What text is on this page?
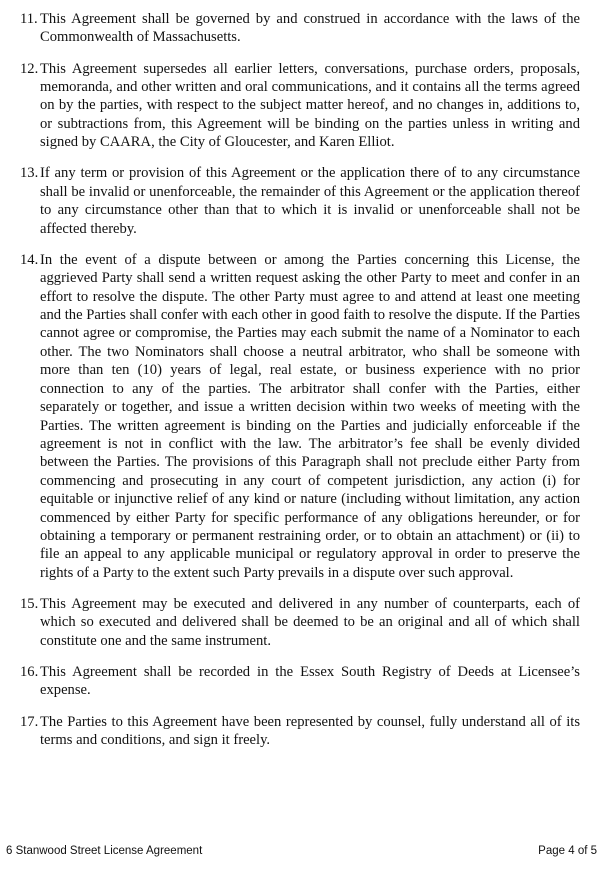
11. This Agreement shall be governed by and construed in accordance with the laws of the Commonwealth of Massachusetts.

12. This Agreement supersedes all earlier letters, conversations, purchase orders, proposals, memoranda, and other written and oral communications, and it contains all the terms agreed on by the parties, with respect to the subject matter hereof, and no changes in, additions to, or subtractions from, this Agreement will be binding on the parties unless in writing and signed by CAARA, the City of Gloucester, and Karen Elliot.

13. If any term or provision of this Agreement or the application there of to any circumstance shall be invalid or unenforceable, the remainder of this Agreement or the application thereof to any circumstance other than that to which it is invalid or unenforceable shall not be affected thereby.

14. In the event of a dispute between or among the Parties concerning this License, the aggrieved Party shall send a written request asking the other Party to meet and confer in an effort to resolve the dispute. The other Party must agree to and attend at least one meeting and the Parties shall confer with each other in good faith to resolve the dispute. If the Parties cannot agree or compromise, the Parties may each submit the name of a Nominator to each other. The two Nominators shall choose a neutral arbitrator, who shall be someone with more than ten (10) years of legal, real estate, or business experience with no prior connection to any of the parties. The arbitrator shall confer with the Parties, either separately or together, and issue a written decision within two weeks of meeting with the Parties. The written agreement is binding on the Parties and judicially enforceable if the agreement is not in conflict with the law. The arbitrator’s fee shall be evenly divided between the Parties. The provisions of this Paragraph shall not preclude either Party from commencing and prosecuting in any court of competent jurisdiction, any action (i) for equitable or injunctive relief of any kind or nature (including without limitation, any action commenced by either Party for specific performance of any obligations hereunder, or for obtaining a temporary or permanent restraining order, or to obtain an attachment) or (ii) to file an appeal to any applicable municipal or regulatory approval in order to preserve the rights of a Party to the extent such Party prevails in a dispute over such approval.

15. This Agreement may be executed and delivered in any number of counterparts, each of which so executed and delivered shall be deemed to be an original and all of which shall constitute one and the same instrument.

16. This Agreement shall be recorded in the Essex South Registry of Deeds at Licensee’s expense.

17. The Parties to this Agreement have been represented by counsel, fully understand all of its terms and conditions, and sign it freely.

6 Stanwood Street License Agreement	Page 4 of 5
